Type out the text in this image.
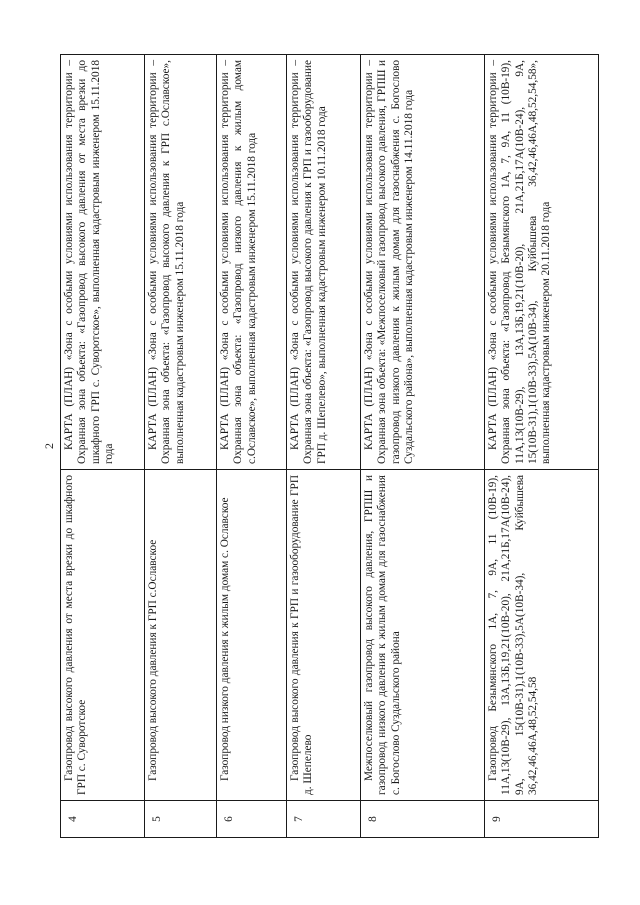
2
4	Газопровод высокого давления от места врезки до шкафного ГРП с. Суворотское	КАРТА (ПЛАН) «Зона с особыми условиями использования территории – Охранная зона объекта: «Газопровод высокого давления от места врезки до шкафного ГРП с. Суворотское», выполненная кадастровым инженером 15.11.2018 года
5	Газопровод высокого давления к ГРП с.Ославское	КАРТА (ПЛАН) «Зона с особыми условиями использования территории – Охранная зона объекта: «Газопровод высокого давления к ГРП с.Ославское», выполненная кадастровым инженером 15.11.2018 года
6	Газопровод низкого давления к жилым домам с. Ославское	КАРТА (ПЛАН) «Зона с особыми условиями использования территории – Охранная зона объекта: «Газопровод низкого давления к жилым домам с.Ославское», выполненная кадастровым инженером 15.11.2018 года
7	Газопровод высокого давления к ГРП и газооборудование ГРП д. Шепелево	КАРТА (ПЛАН) «Зона с особыми условиями использования территории – Охранная зона объекта: «Газопровод высокого давления к ГРП и газооборудование ГРП д. Шепелево», выполненная кадастровым инженером 10.11.2018 года
8	Межпоселковый газопровод высокого давления, ГРПШ и газопровод низкого давления к жилым домам для газоснабжения с. Богослово Суздальского района	КАРТА (ПЛАН) «Зона с особыми условиями использования территории – Охранная зона объекта: «Межпоселковый газопровод высокого давления, ГРПШ и газопровод низкого давления к жилым домам для газоснабжения с. Богослово Суздальского района», выполненная кадастровым инженером 14.11.2018 года
9	Газопровод Безымянского 1А, 7, 9А, 11 (10В-19), 11А,13(10В-29), 13А,13Б,19,21(10В-20), 21А,21Б,17А(10В-24), 9А, 15(10В-31),1(10В-33),5А(10В-34), Куйбышева 36,42,46,46А,48,52,54,58	КАРТА (ПЛАН) «Зона с особыми условиями использования территории – Охранная зона объекта: «Газопровод Безымянского 1А, 7, 9А, 11 (10В-19), 11А,13(10В-29), 13А,13Б,19,21(10В-20), 21А,21Б,17А(10В-24), 9А, 15(10В-31),1(10В-33),5А(10В-34), Куйбышева 36,42,46,46А,48,52,54,58», выполненная кадастровым инженером 20.11.2018 года
